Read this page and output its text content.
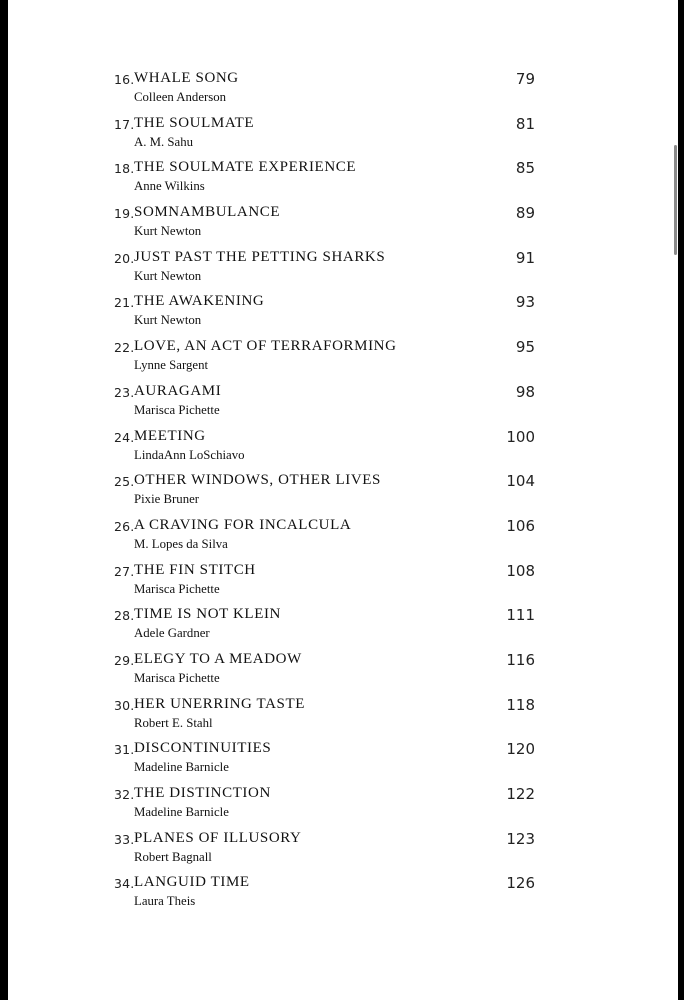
16. WHALE SONG
Colleen Anderson
79
17. THE SOULMATE
A. M. Sahu
81
18. THE SOULMATE EXPERIENCE
Anne Wilkins
85
19. SOMNAMBULANCE
Kurt Newton
89
20. JUST PAST THE PETTING SHARKS
Kurt Newton
91
21. THE AWAKENING
Kurt Newton
93
22. LOVE, AN ACT OF TERRAFORMING
Lynne Sargent
95
23. AURAGAMI
Marisca Pichette
98
24. MEETING
LindaAnn LoSchiavo
100
25. OTHER WINDOWS, OTHER LIVES
Pixie Bruner
104
26. A CRAVING FOR INCALCULA
M. Lopes da Silva
106
27. THE FIN STITCH
Marisca Pichette
108
28. TIME IS NOT KLEIN
Adele Gardner
111
29. ELEGY TO A MEADOW
Marisca Pichette
116
30. HER UNERRING TASTE
Robert E. Stahl
118
31. DISCONTINUITIES
Madeline Barnicle
120
32. THE DISTINCTION
Madeline Barnicle
122
33. PLANES OF ILLUSORY
Robert Bagnall
123
34. LANGUID TIME
Laura Theis
126
